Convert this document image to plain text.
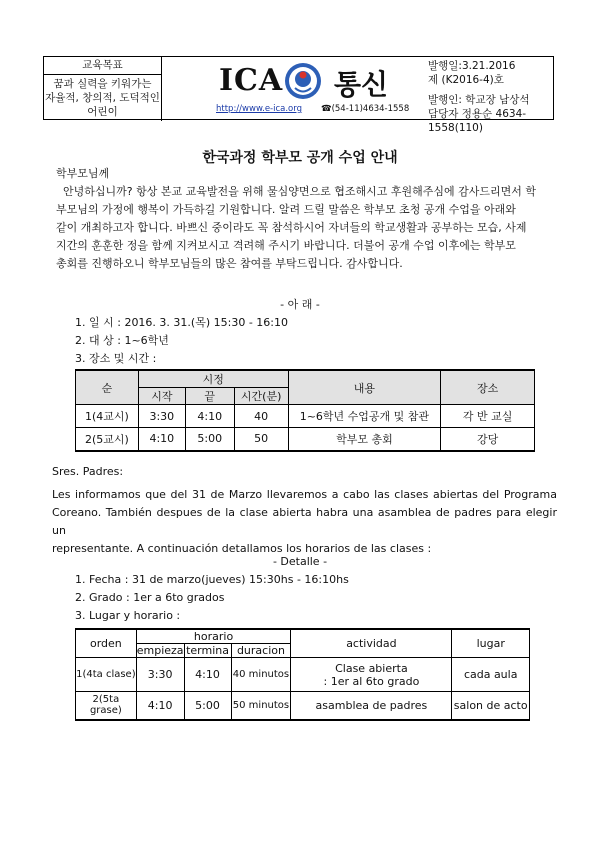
교육목표
꿈과 실력을 키워가는
자율적, 창의적, 도덕적인
어린이
ICA 통신
http://www.e-ica.org ☎(54-11)4634-1558
발행일:3.21.2016
제 (K2016-4)호
발행인: 학교장 남상석
담당자 정용순 4634-1558(110)
한국과정 학부모 공개 수업 안내
학부모님께
안녕하십니까? 항상 본교 교육발전을 위해 물심양면으로 협조해시고 후원해주심에 감사드리면서 학
부모님의 가정에 행복이 가득하길 기원합니다. 알려 드릴 말씀은 학부모 초청 공개 수업을 아래와
같이 개최하고자 합니다. 바쁘신 중이라도 꼭 참석하시어 자녀들의 학교생활과 공부하는 모습, 사제
지간의 훈훈한 정을 함께 지켜보시고 격려해 주시기 바랍니다. 더불어 공개 수업 이후에는 학부모
총회를 진행하오니 학부모님들의 많은 참여를 부탁드립니다. 감사합니다.
- 아 래 -
1. 일 시 : 2016. 3. 31.(목) 15:30 - 16:10
2. 대 상 : 1~6학년
3. 장소 및 시간 :
순	시정			내용	장소
	시작	끝	시간(분)		
1(4교시)	3:30	4:10	40	1~6학년 수업공개 및 참관	각 반 교실
2(5교시)	4:10	5:00	50	학부모 총회	강당
Sres. Padres:
Les informamos que del 31 de Marzo llevaremos a cabo las clases abiertas del Programa
Coreano. También despues de la clase abierta habra una asamblea de padres para elegir un
representante. A continuación detallamos los horarios de las clases :
- Detalle -
1. Fecha : 31 de marzo(jueves) 15:30hs - 16:10hs
2. Grado : 1er a 6to grados
3. Lugar y horario :
orden	horario			actividad	lugar
	empieza	termina	duracion		
1(4ta clase)	3:30	4:10	40 minutos	Clase abierta
: 1er al 6to grado	cada aula
2(5ta grase)	4:10	5:00	50 minutos	asamblea de padres	salon de acto
